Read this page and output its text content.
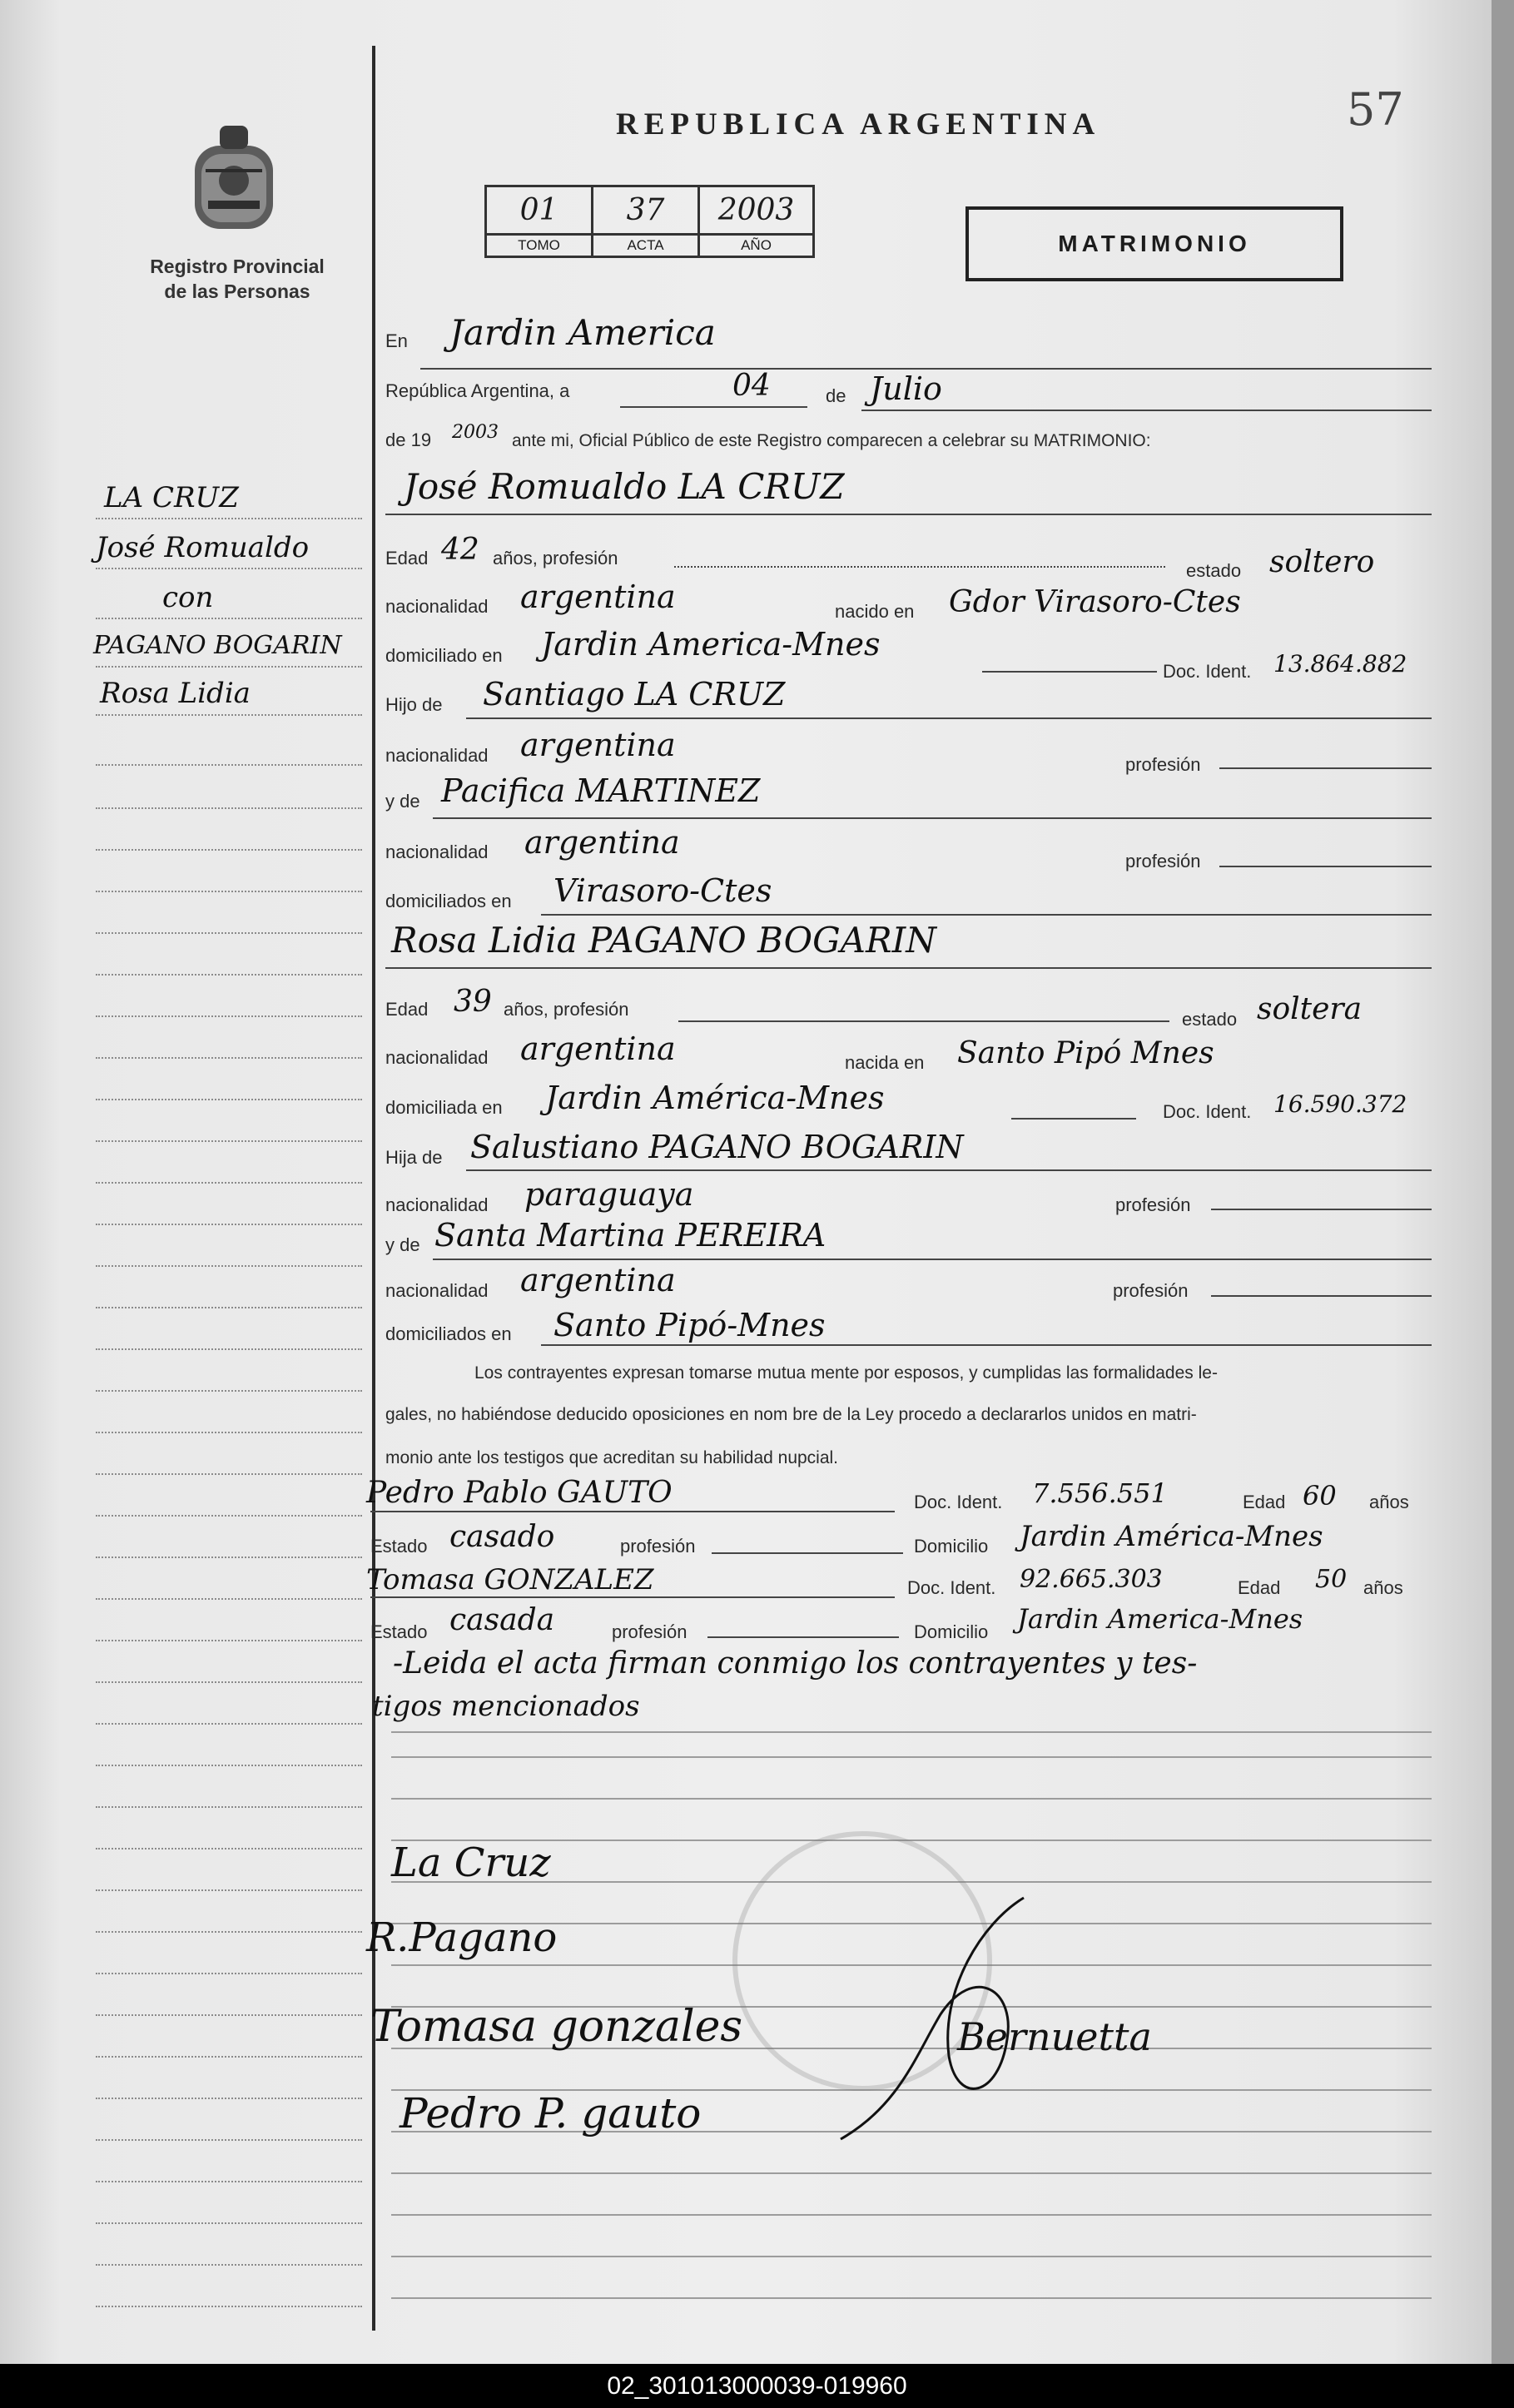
Registro Provincial
de las Personas
REPUBLICA ARGENTINA	57
01	37	2003
TOMO	ACTA	AÑO	MATRIMONIO
LA CRUZ
José Romualdo
con
PAGANO BOGARIN
Rosa Lidia
En Jardin America
República Argentina, a	04	de Julio
de 19 2003 ante mi, Oficial Público de este Registro comparecen a celebrar su MATRIMONIO:
José Romualdo LA CRUZ
Edad 42 años, profesión
estado soltero
nacionalidad argentina	nacido en Gdor Virasoro-Ctes
domiciliado en Jardin America-Mnes
Doc. Ident. 13.864.882
Hijo de Santiago LA CRUZ
nacionalidad argentina
profesión
y de Pacifica MARTINEZ
nacionalidad argentina
profesión
domiciliados en Virasoro-Ctes
Rosa Lidia PAGANO BOGARIN
Edad 39 años, profesión	estado soltera
nacionalidad argentina	nacida en Santo Pipó Mnes
domiciliada en Jardin América-Mnes	Doc. Ident. 16.590.372
Hija de Salustiano PAGANO BOGARIN
nacionalidad paraguaya	profesión
y de Santa Martina PEREIRA
nacionalidad argentina	profesión
domiciliados en Santo Pipó-Mnes
Los contrayentes expresan tomarse mutua mente por esposos, y cumplidas las formalidades le-
gales, no habiéndose deducido oposiciones en nom bre de la Ley procedo a declararlos unidos en matri-
monio ante los testigos que acreditan su habilidad nupcial.
Pedro Pablo GAUTO	Doc. Ident. 7.556.551	Edad 60 años
Estado casado	profesión	Domicilio Jardin América-Mnes
Tomasa GONZALEZ	Doc. Ident. 92.665.303	Edad 50 años
Estado casada	profesión	Domicilio Jardin America-Mnes
-Leida el acta firman conmigo los contrayentes y tes-
tigos mencionados
La Cruz
R.Pagano
Tomasa gonzales
Pedro P. gauto
Bernuetta
02_301013000039-019960
